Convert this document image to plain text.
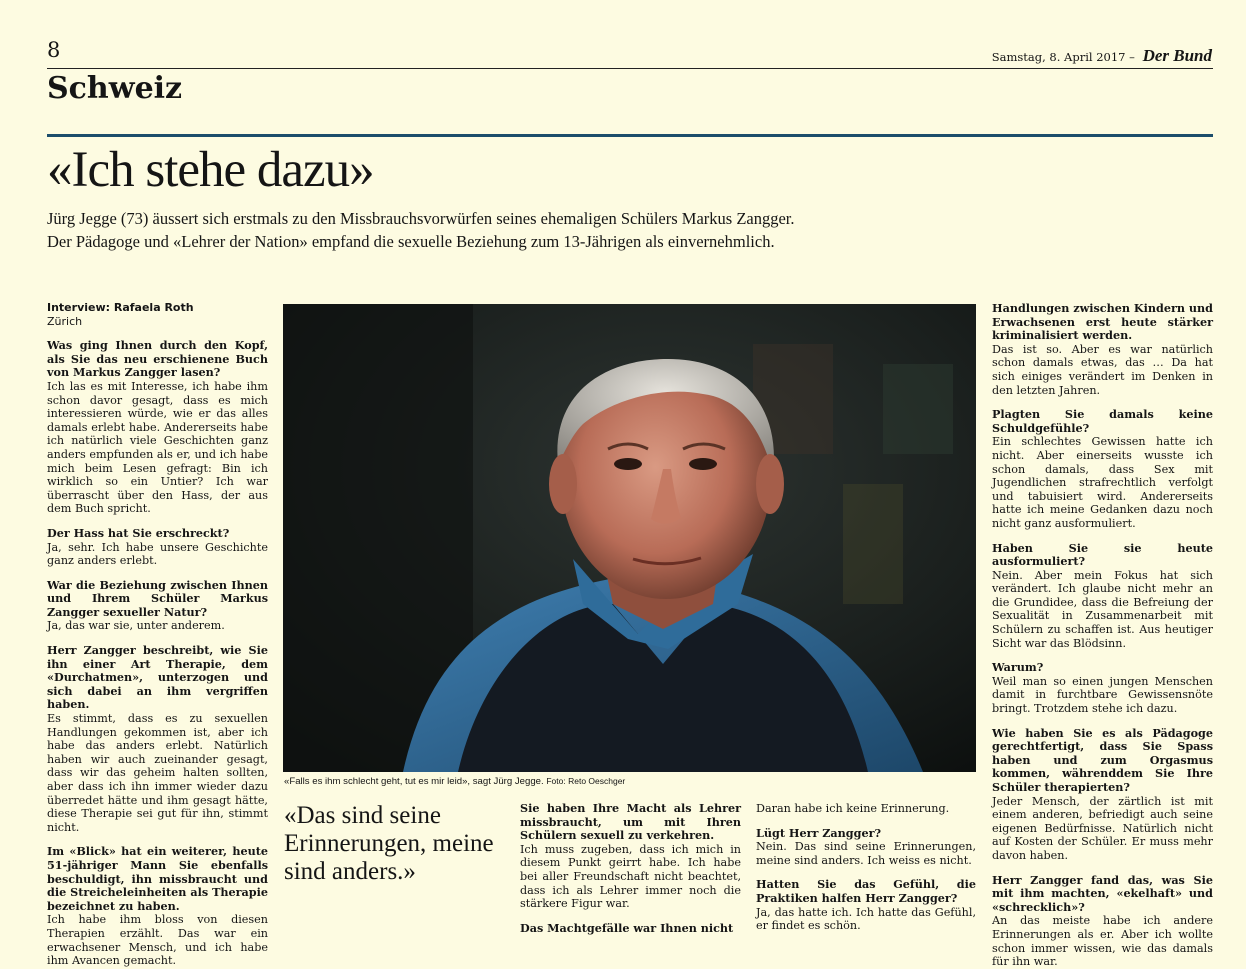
8	Samstag, 8. April 2017 – Der Bund
Schweiz
«Ich stehe dazu»
Jürg Jegge (73) äussert sich erstmals zu den Missbrauchsvorwürfen seines ehemaligen Schülers Markus Zangger.
Der Pädagoge und «Lehrer der Nation» empfand die sexuelle Beziehung zum 13-Jährigen als einvernehmlich.
Interview: Rafaela Roth
Zürich
Was ging Ihnen durch den Kopf, als Sie das neu erschienene Buch von Markus Zangger lasen?
Ich las es mit Interesse, ich habe ihm schon davor gesagt, dass es mich interessieren würde, wie er das alles damals erlebt habe. Andererseits habe ich natürlich viele Geschichten ganz anders empfunden als er, und ich habe mich beim Lesen gefragt: Bin ich wirklich so ein Untier? Ich war überrascht über den Hass, der aus dem Buch spricht.
Der Hass hat Sie erschreckt?
Ja, sehr. Ich habe unsere Geschichte ganz anders erlebt.
War die Beziehung zwischen Ihnen und Ihrem Schüler Markus Zangger sexueller Natur?
Ja, das war sie, unter anderem.
Herr Zangger beschreibt, wie Sie ihn einer Art Therapie, dem «Durchatmen», unterzogen und sich dabei an ihm vergriffen haben.
Es stimmt, dass es zu sexuellen Handlungen gekommen ist, aber ich habe das anders erlebt. Natürlich haben wir auch zueinander gesagt, dass wir das geheim halten sollten, aber dass ich ihn immer wieder dazu überredet hätte und ihm gesagt hätte, diese Therapie sei gut für ihn, stimmt nicht.
Im «Blick» hat ein weiterer, heute 51-jähriger Mann Sie ebenfalls beschuldigt, ihn missbraucht und die Streicheleinheiten als Therapie bezeichnet zu haben.
Ich habe ihm bloss von diesen Therapien erzählt. Das war ein erwachsener Mensch, und ich habe ihm Avancen gemacht.
«Falls es ihm schlecht geht, tut es mir leid», sagt Jürg Jegge. Foto: Reto Oeschger
«Das sind seine Erinnerungen, meine sind anders.»
Sie haben Ihre Macht als Lehrer missbraucht, um mit Ihren Schülern sexuell zu verkehren.
Ich muss zugeben, dass ich mich in diesem Punkt geirrt habe. Ich habe bei aller Freundschaft nicht beachtet, dass ich als Lehrer immer noch die stärkere Figur war.
Das Machtgefälle war Ihnen nicht
Daran habe ich keine Erinnerung.
Lügt Herr Zangger?
Nein. Das sind seine Erinnerungen, meine sind anders. Ich weiss es nicht.
Hatten Sie das Gefühl, die Praktiken halfen Herr Zangger?
Ja, das hatte ich. Ich hatte das Gefühl, er findet es schön.
Handlungen zwischen Kindern und Erwachsenen erst heute stärker kriminalisiert werden.
Das ist so. Aber es war natürlich schon damals etwas, das … Da hat sich einiges verändert im Denken in den letzten Jahren.
Plagten Sie damals keine Schuldgefühle?
Ein schlechtes Gewissen hatte ich nicht. Aber einerseits wusste ich schon damals, dass Sex mit Jugendlichen strafrechtlich verfolgt und tabuisiert wird. Andererseits hatte ich meine Gedanken dazu noch nicht ganz ausformuliert.
Haben Sie sie heute ausformuliert?
Nein. Aber mein Fokus hat sich verändert. Ich glaube nicht mehr an die Grundidee, dass die Befreiung der Sexualität in Zusammenarbeit mit Schülern zu schaffen ist. Aus heutiger Sicht war das Blödsinn.
Warum?
Weil man so einen jungen Menschen damit in furchtbare Gewissensnöte bringt. Trotzdem stehe ich dazu.
Wie haben Sie es als Pädagoge gerechtfertigt, dass Sie Spass haben und zum Orgasmus kommen, währenddem Sie Ihre Schüler therapierten?
Jeder Mensch, der zärtlich ist mit einem anderen, befriedigt auch seine eigenen Bedürfnisse. Natürlich nicht auf Kosten der Schüler. Er muss mehr davon haben.
Herr Zangger fand das, was Sie mit ihm machten, «ekelhaft» und «schrecklich»?
An das meiste habe ich andere Erinnerungen als er. Aber ich wollte schon immer wissen, wie das damals für ihn war.
